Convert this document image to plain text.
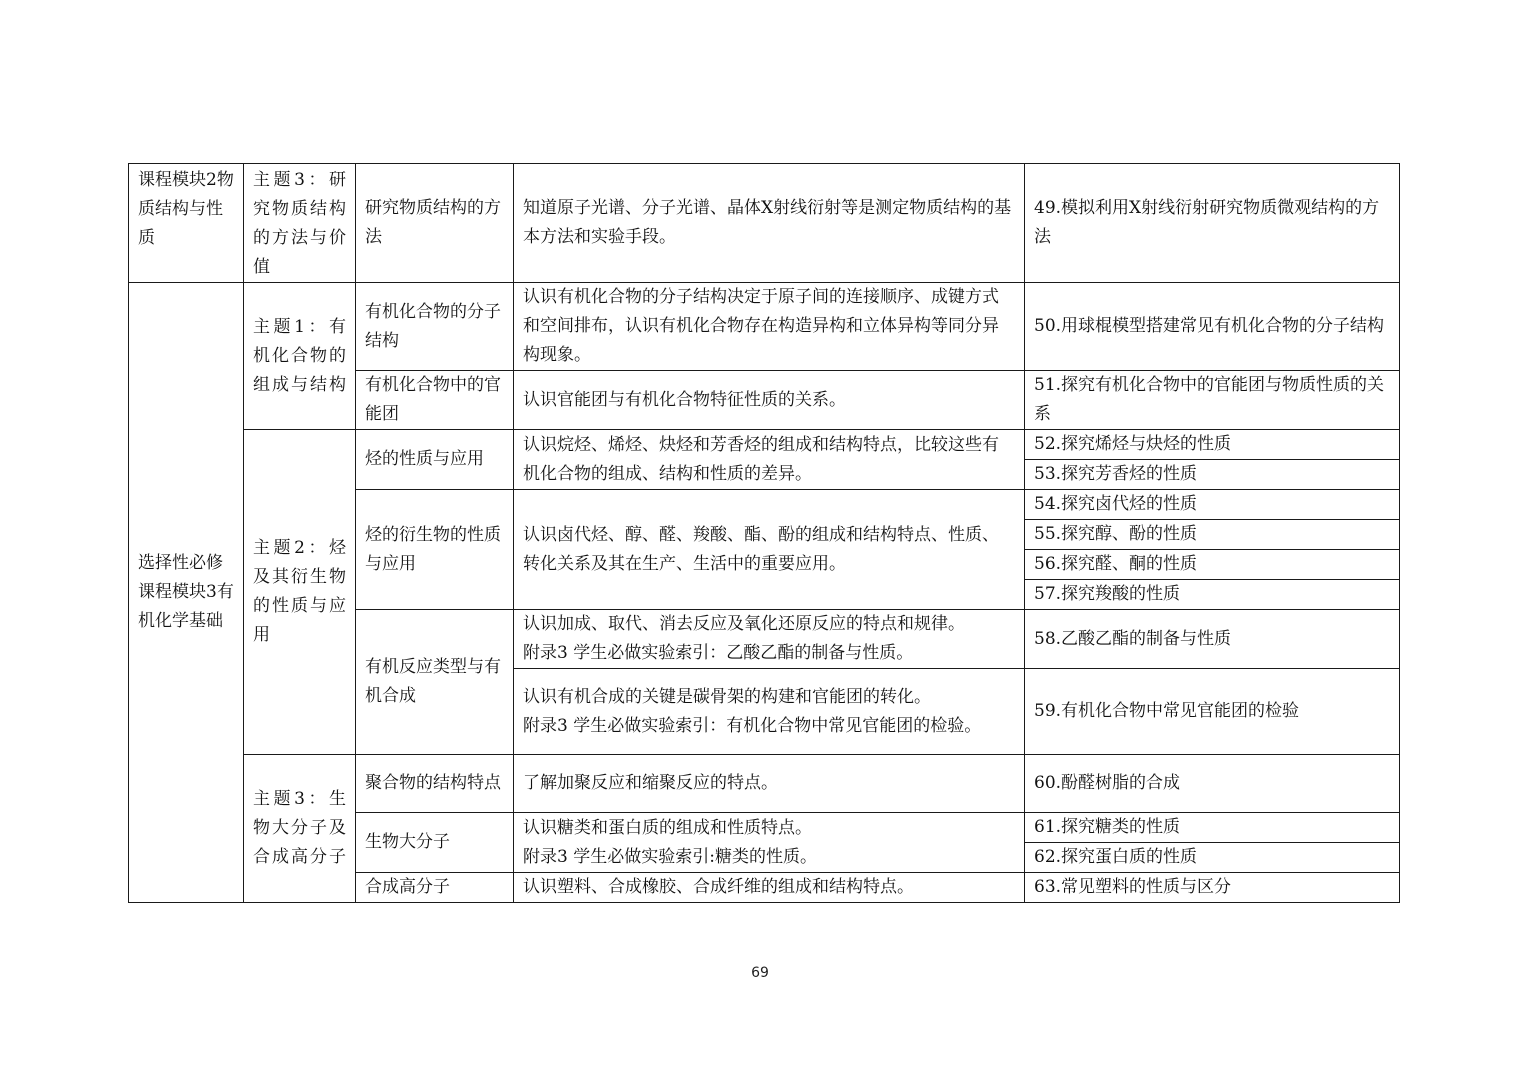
课程模块2物质结构与性质	主题3：研究物质结构的方法与价值	研究物质结构的方法	知道原子光谱、分子光谱、晶体X射线衍射等是测定物质结构的基本方法和实验手段。	49.模拟利用X射线衍射研究物质微观结构的方法
选择性必修课程模块3有机化学基础	主题1：有机化合物的组成与结构	有机化合物的分子结构	认识有机化合物的分子结构决定于原子间的连接顺序、成键方式和空间排布，认识有机化合物存在构造异构和立体异构等同分异构现象。	50.用球棍模型搭建常见有机化合物的分子结构
		有机化合物中的官能团	认识官能团与有机化合物特征性质的关系。	51.探究有机化合物中的官能团与物质性质的关系
	主题2：烃及其衍生物的性质与应用	烃的性质与应用	认识烷烃、烯烃、炔烃和芳香烃的组成和结构特点，比较这些有机化合物的组成、结构和性质的差异。	52.探究烯烃与炔烃的性质
				53.探究芳香烃的性质
		烃的衍生物的性质与应用	认识卤代烃、醇、醛、羧酸、酯、酚的组成和结构特点、性质、转化关系及其在生产、生活中的重要应用。	54.探究卤代烃的性质
				55.探究醇、酚的性质
				56.探究醛、酮的性质
				57.探究羧酸的性质
		有机反应类型与有机合成	认识加成、取代、消去反应及氧化还原反应的特点和规律。
附录3 学生必做实验索引：乙酸乙酯的制备与性质。	58.乙酸乙酯的制备与性质

			认识有机合成的关键是碳骨架的构建和官能团的转化。
附录3 学生必做实验索引：有机化合物中常见官能团的检验。	59.有机化合物中常见官能团的检验
	主题3：生物大分子及合成高分子	聚合物的结构特点	了解加聚反应和缩聚反应的特点。	60.酚醛树脂的合成
		生物大分子	认识糖类和蛋白质的组成和性质特点。
附录3 学生必做实验索引:糖类的性质。	61.探究糖类的性质
				62.探究蛋白质的性质
		合成高分子	认识塑料、合成橡胶、合成纤维的组成和结构特点。	63.常见塑料的性质与区分
69
